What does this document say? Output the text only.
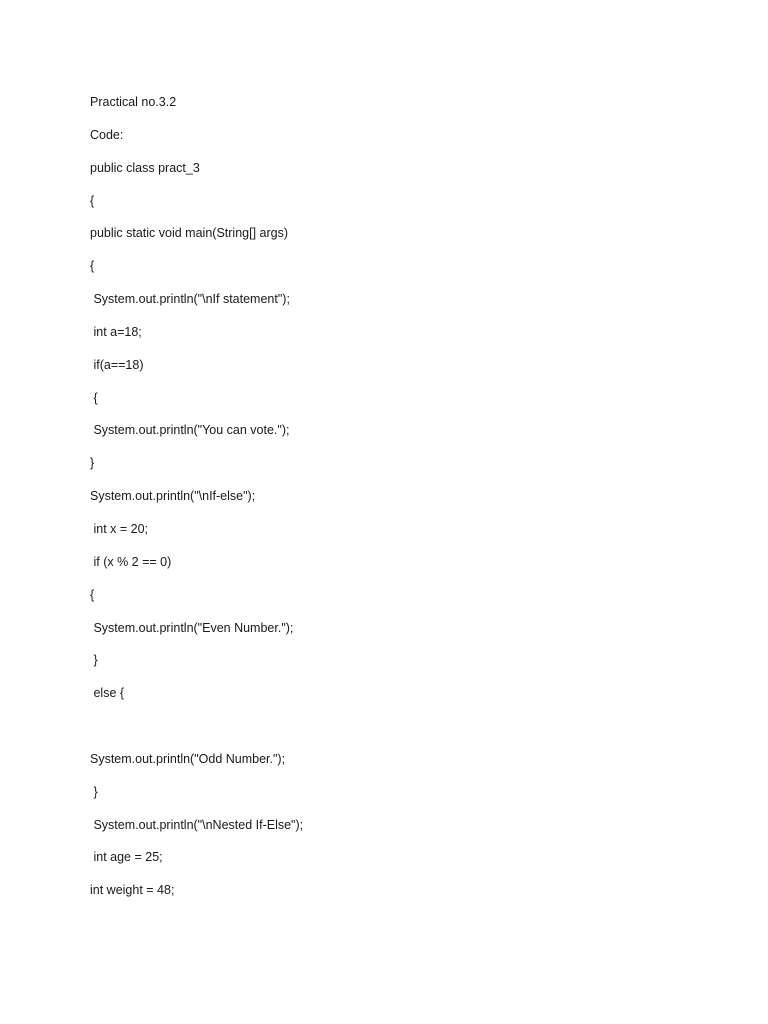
Practical no.3.2
Code:
public class pract_3
{
public static void main(String[] args)
{
System.out.println("\nIf statement");
int a=18;
if(a==18)
{
System.out.println("You can vote.");
}
System.out.println("\nIf-else");
int x = 20;
if (x % 2 == 0)
{
System.out.println("Even Number.");
}
else {
System.out.println("Odd Number.");
}
System.out.println("\nNested If-Else");
int age = 25;
int weight = 48;
